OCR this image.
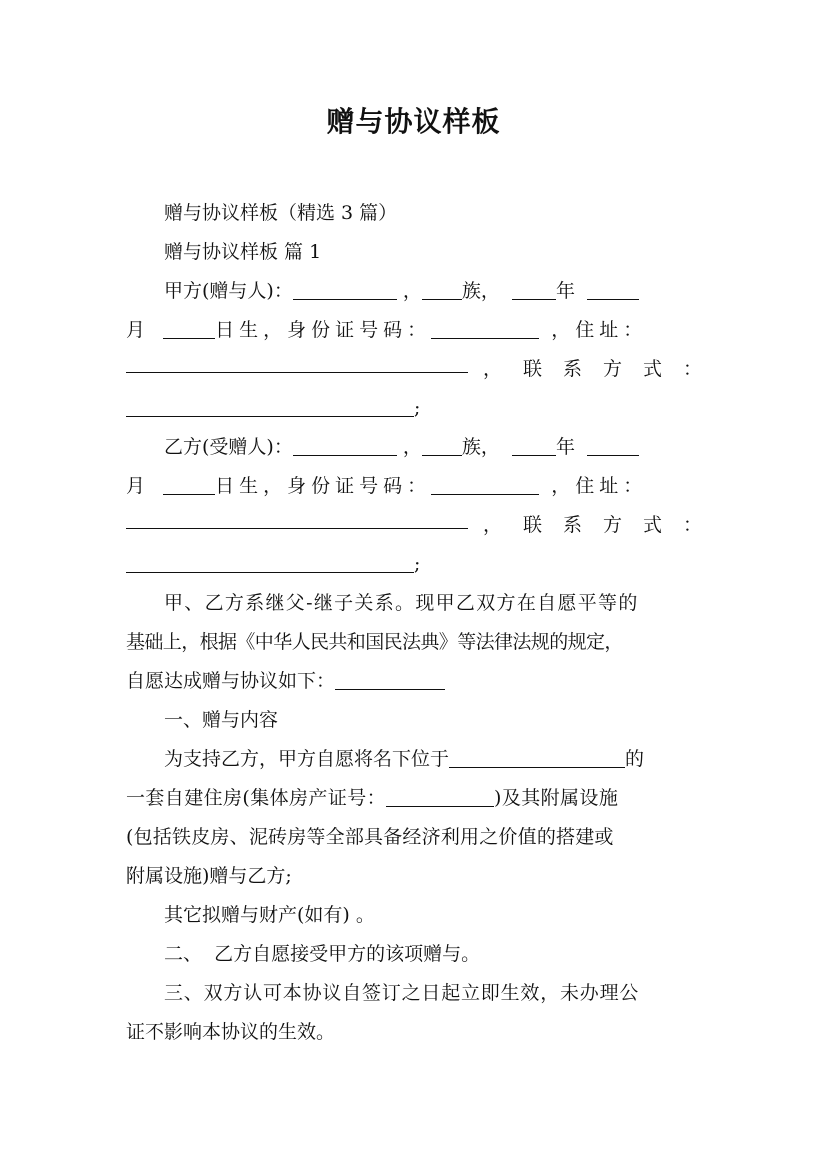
赠与协议样板

赠与协议样板（精选 3 篇）

赠与协议样板 篇 1

甲方(赠与人)：	， 族，	年
月	日生，身份证号码：	，住址：
，联系方式：
;
乙方(受赠人)：	， 族，	年
月	日生，身份证号码：	，住址：
，联系方式：
;
甲、乙方系继父-继子关系。现甲乙双方在自愿平等的
基础上，根据《中华人民共和国民法典》等法律法规的规定，
自愿达成赠与协议如下：
一、赠与内容
为支持乙方，甲方自愿将名下位于	的
一套自建住房(集体房产证号：	)及其附属设施
(包括铁皮房、泥砖房等全部具备经济利用之价值的搭建或
附属设施)赠与乙方;
其它拟赠与财产(如有) 。
二、  乙方自愿接受甲方的该项赠与。
三、双方认可本协议自签订之日起立即生效，未办理公
证不影响本协议的生效。
